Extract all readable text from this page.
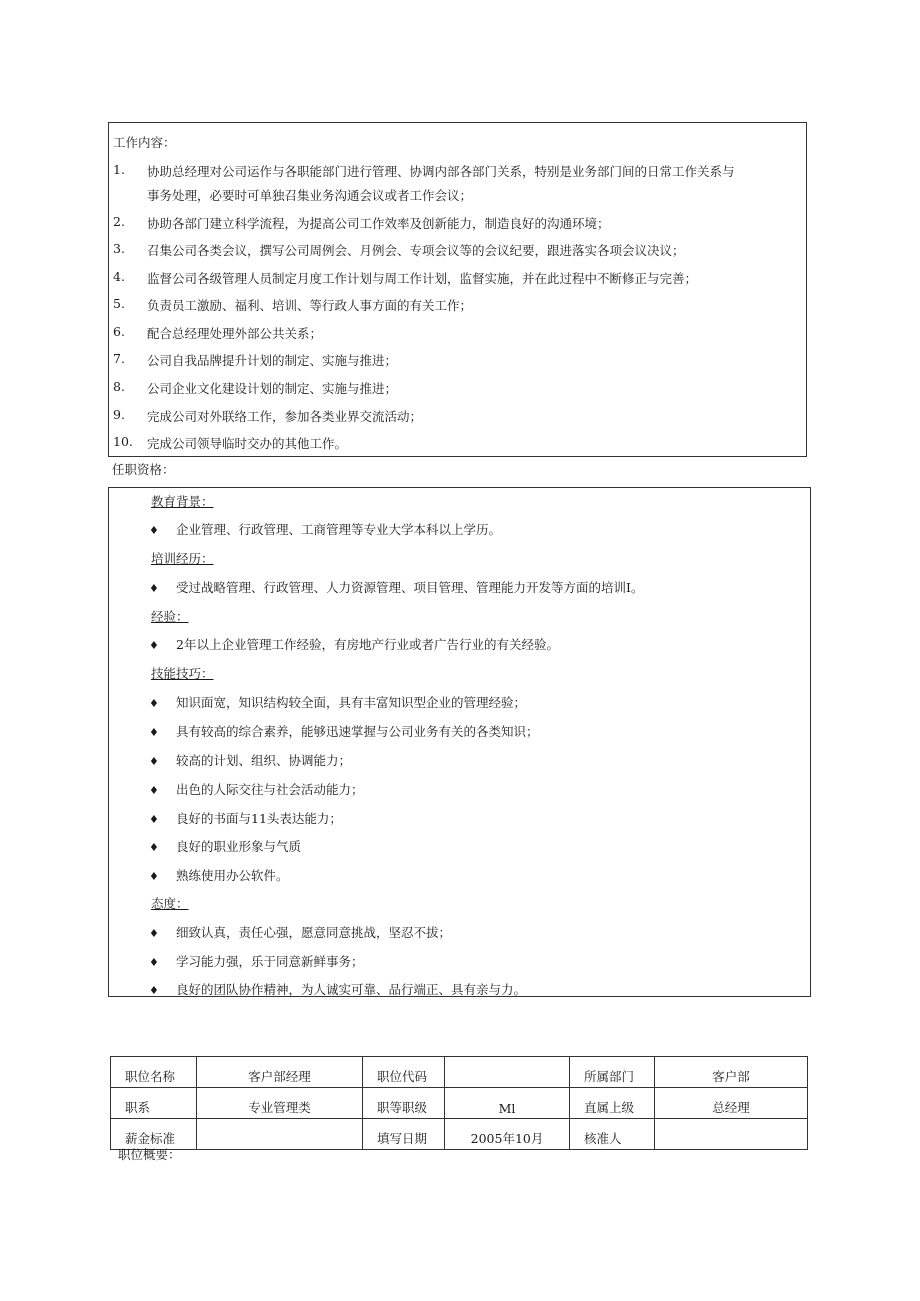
工作内容：
1.	协助总经理对公司运作与各职能部门进行管理、协调内部各部门关系，特别是业务部门间的日常工作关系与
事务处理，必要时可单独召集业务沟通会议或者工作会议；
2.	协助各部门建立科学流程，为提高公司工作效率及创新能力，制造良好的沟通环境；
3.	召集公司各类会议，撰写公司周例会、月例会、专项会议等的会议纪要，跟进落实各项会议决议；
4.	监督公司各级管理人员制定月度工作计划与周工作计划，监督实施，并在此过程中不断修正与完善；
5.	负责员工激励、福利、培训、等行政人事方面的有关工作；
6.	配合总经理处理外部公共关系；
7.	公司自我品牌提升计划的制定、实施与推进；
8.	公司企业文化建设计划的制定、实施与推进；
9.	完成公司对外联络工作，参加各类业界交流活动；
10.	完成公司领导临时交办的其他工作。
任职资格：
教育背景：
♦ 企业管理、行政管理、工商管理等专业大学本科以上学历。
培训经历：
♦ 受过战略管理、行政管理、人力资源管理、项目管理、管理能力开发等方面的培训I。
经验：
♦ 2年以上企业管理工作经验，有房地产行业或者广告行业的有关经验。
技能技巧：
♦ 知识面宽，知识结构较全面，具有丰富知识型企业的管理经验；
♦ 具有较高的综合素养，能够迅速掌握与公司业务有关的各类知识；
♦ 较高的计划、组织、协调能力；
♦ 出色的人际交往与社会活动能力；
♦ 良好的书面与11头表达能力；
♦ 良好的职业形象与气质
♦ 熟练使用办公软件。
态度：
♦ 细致认真，责任心强，愿意同意挑战，坚忍不拔；
♦ 学习能力强，乐于同意新鲜事务；
♦ 良好的团队协作精神，为人诚实可靠、品行端正、具有亲与力。
职位名称	客户部经理	职位代码		所属部门	客户部
职系	专业管理类	职等职级	Ml	直属上级	总经理
薪金标准		填写日期	2005年10月	核准人	
职位概要：
